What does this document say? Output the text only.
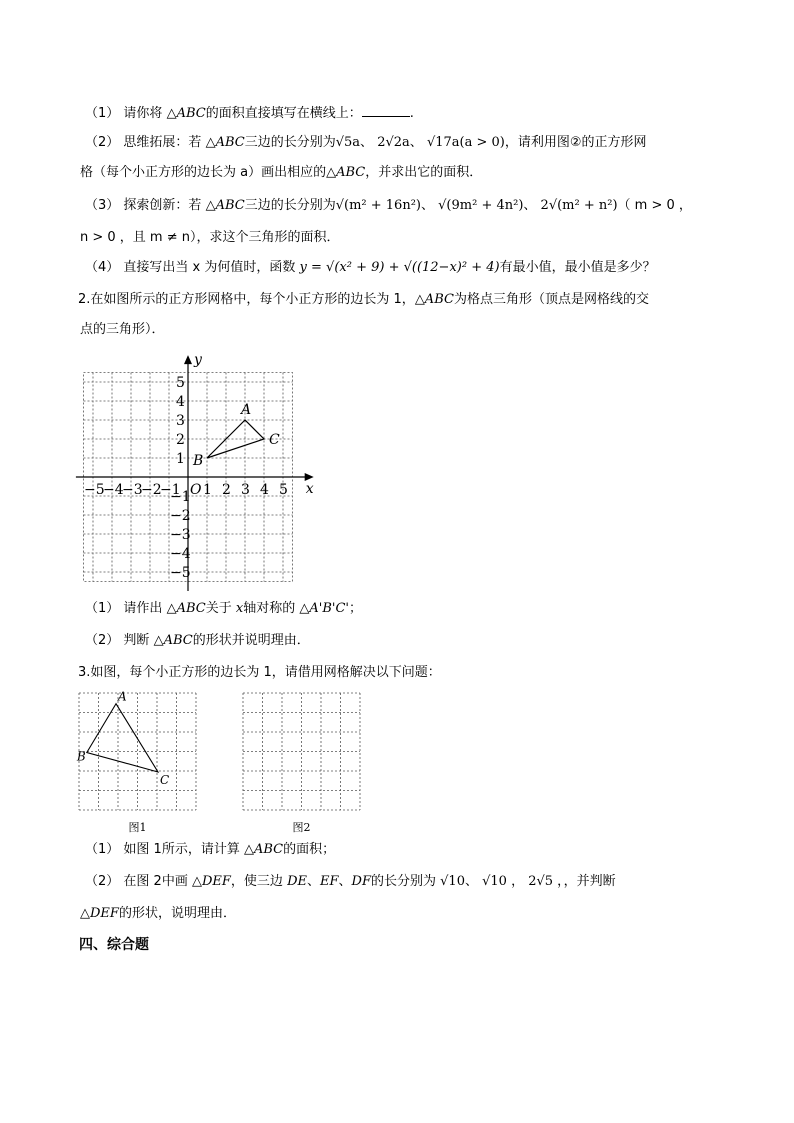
（1） 请你将 △ABC的面积直接填写在横线上：	.
（2） 思维拓展：若 △ABC三边的长分别为√5a、 2√2a、 √17a(a > 0)，请利用图②的正方形网
格（每个小正方形的边长为 a）画出相应的△ABC，并求出它的面积．
（3） 探索创新：若 △ABC三边的长分别为√(m² + 16n²)、 √(9m² + 4n²)、 2√(m² + n²)（ m > 0 ，
n > 0 ，且 m ≠ n），求这个三角形的面积．
（4） 直接写出当 x 为何值时，函数 y = √(x² + 9) + √((12−x)² + 4)有最小值，最小值是多少？
2.在如图所示的正方形网格中，每个小正方形的边长为 1，△ABC为格点三角形（顶点是网格线的交
点的三角形）．
x
y
O
−5
−4
−3
−2
−1 1 2 3 4 5
5
4
3
2
1
−1
−2
−3
−4
−5
A
B
C
（1） 请作出 △ABC关于 x轴对称的 △A'B'C'；
（2） 判断 △ABC的形状并说明理由．
3.如图，每个小正方形的边长为 1，请借用网格解决以下问题：
A
B
C
图1	图2
（1） 如图 1所示，请计算 △ABC的面积；
（2） 在图 2中画 △DEF，使三边 DE、EF、DF的长分别为 √10、 √10 ， 2√5 ，，并判断
△DEF的形状，说明理由．
四、综合题
